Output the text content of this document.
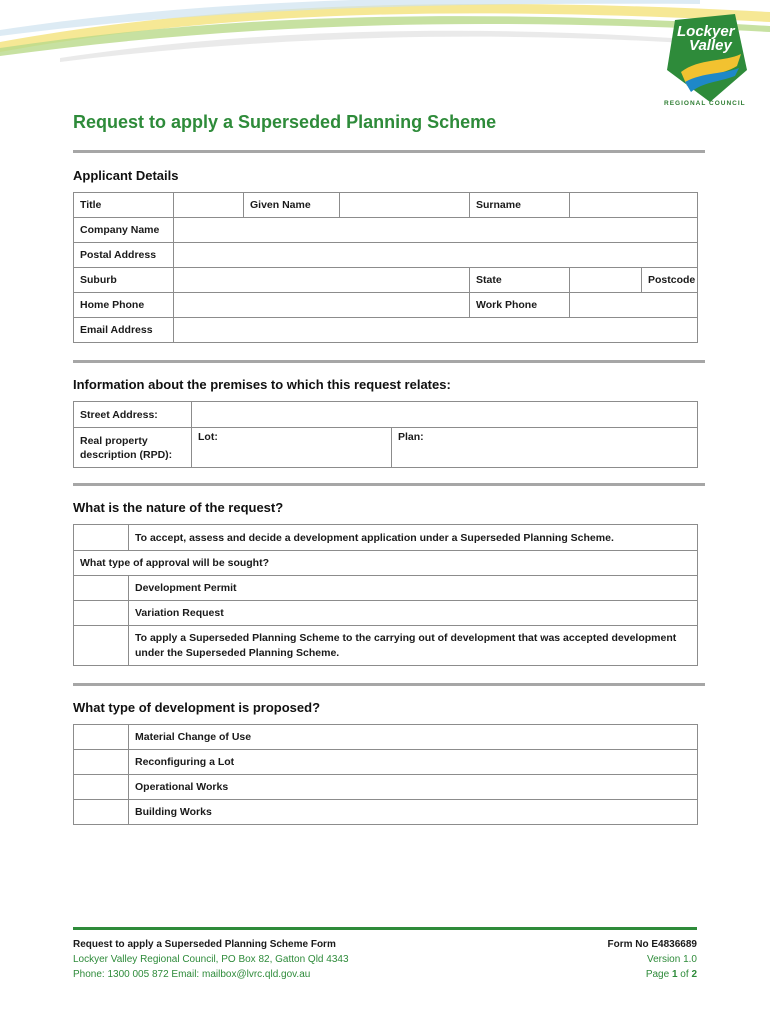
Lockyer
Valley
REGIONAL COUNCIL
Request to apply a Superseded Planning Scheme
Applicant Details
Title		Given Name		Surname		
Company Name						
Postal Address						
Suburb				State		Postcode
Home Phone				Work Phone		
Email Address						
Information about the premises to which this request relates:
Street Address:		
Real property description (RPD):	Lot:	Plan:
What is the nature of the request?
	To accept, assess and decide a development application under a Superseded Planning Scheme.
What type of approval will be sought?	
	Development Permit
	Variation Request
	To apply a Superseded Planning Scheme to the carrying out of development that was accepted development under the Superseded Planning Scheme.
What type of development is proposed?
	Material Change of Use
	Reconfiguring a Lot
	Operational Works
	Building Works
Request to apply a Superseded Planning Scheme Form
Lockyer Valley Regional Council, PO Box 82, Gatton Qld 4343
Phone: 1300 005 872 Email: mailbox@lvrc.qld.gov.au
Form No E4836689
Version 1.0
Page 1 of 2
